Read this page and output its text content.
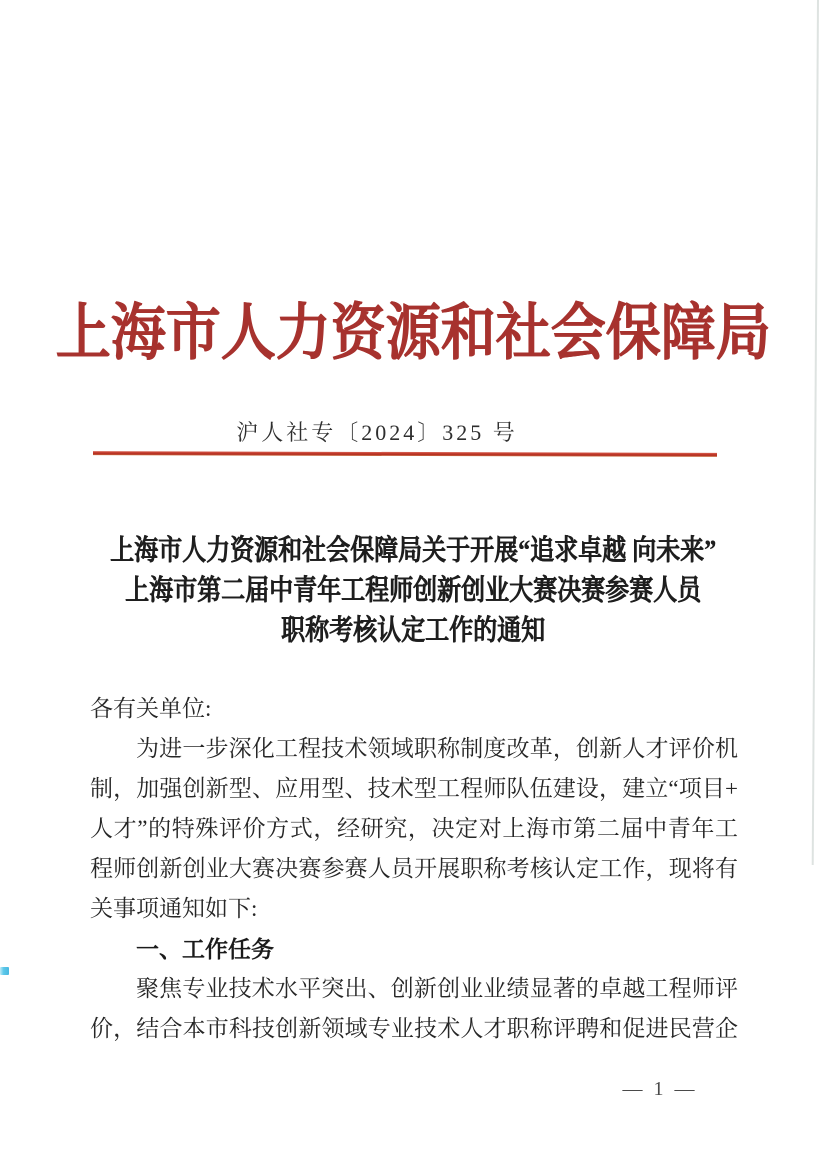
上海市人力资源和社会保障局
沪人社专〔2024〕325 号
上海市人力资源和社会保障局关于开展“追求卓越 向未来”
上海市第二届中青年工程师创新创业大赛决赛参赛人员
职称考核认定工作的通知
各有关单位:
为进一步深化工程技术领域职称制度改革，创新人才评价机
制，加强创新型、应用型、技术型工程师队伍建设，建立“项目+
人才”的特殊评价方式，经研究，决定对上海市第二届中青年工
程师创新创业大赛决赛参赛人员开展职称考核认定工作，现将有
关事项通知如下:
一、工作任务
聚焦专业技术水平突出、创新创业业绩显著的卓越工程师评
价，结合本市科技创新领域专业技术人才职称评聘和促进民营企
— 1 —
